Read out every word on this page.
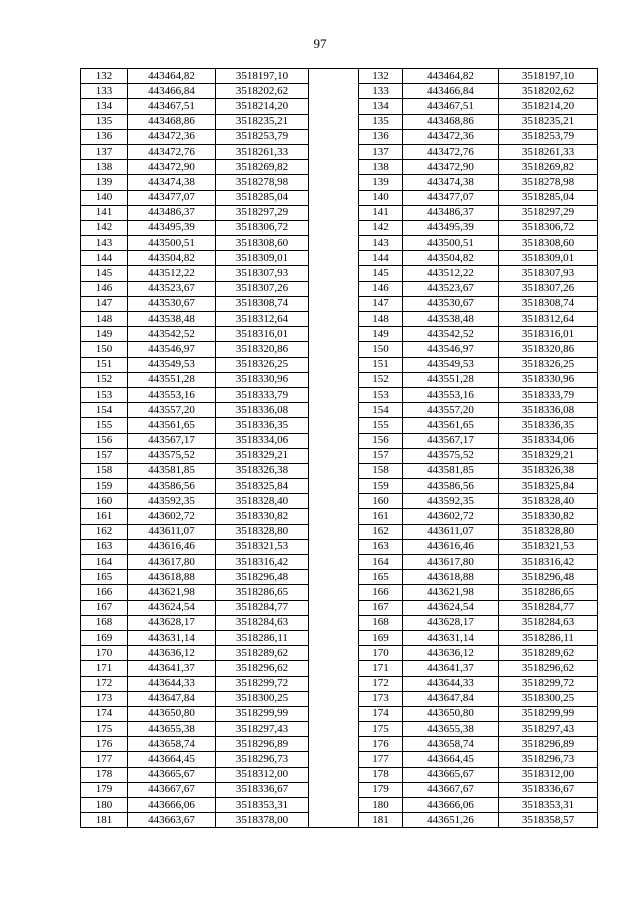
97
132	443464,82	3518197,10		132	443464,82	3518197,10
133	443466,84	3518202,62		133	443466,84	3518202,62
134	443467,51	3518214,20		134	443467,51	3518214,20
135	443468,86	3518235,21		135	443468,86	3518235,21
136	443472,36	3518253,79		136	443472,36	3518253,79
137	443472,76	3518261,33		137	443472,76	3518261,33
138	443472,90	3518269,82		138	443472,90	3518269,82
139	443474,38	3518278,98		139	443474,38	3518278,98
140	443477,07	3518285,04		140	443477,07	3518285,04
141	443486,37	3518297,29		141	443486,37	3518297,29
142	443495,39	3518306,72		142	443495,39	3518306,72
143	443500,51	3518308,60		143	443500,51	3518308,60
144	443504,82	3518309,01		144	443504,82	3518309,01
145	443512,22	3518307,93		145	443512,22	3518307,93
146	443523,67	3518307,26		146	443523,67	3518307,26
147	443530,67	3518308,74		147	443530,67	3518308,74
148	443538,48	3518312,64		148	443538,48	3518312,64
149	443542,52	3518316,01		149	443542,52	3518316,01
150	443546,97	3518320,86		150	443546,97	3518320,86
151	443549,53	3518326,25		151	443549,53	3518326,25
152	443551,28	3518330,96		152	443551,28	3518330,96
153	443553,16	3518333,79		153	443553,16	3518333,79
154	443557,20	3518336,08		154	443557,20	3518336,08
155	443561,65	3518336,35		155	443561,65	3518336,35
156	443567,17	3518334,06		156	443567,17	3518334,06
157	443575,52	3518329,21		157	443575,52	3518329,21
158	443581,85	3518326,38		158	443581,85	3518326,38
159	443586,56	3518325,84		159	443586,56	3518325,84
160	443592,35	3518328,40		160	443592,35	3518328,40
161	443602,72	3518330,82		161	443602,72	3518330,82
162	443611,07	3518328,80		162	443611,07	3518328,80
163	443616,46	3518321,53		163	443616,46	3518321,53
164	443617,80	3518316,42		164	443617,80	3518316,42
165	443618,88	3518296,48		165	443618,88	3518296,48
166	443621,98	3518286,65		166	443621,98	3518286,65
167	443624,54	3518284,77		167	443624,54	3518284,77
168	443628,17	3518284,63		168	443628,17	3518284,63
169	443631,14	3518286,11		169	443631,14	3518286,11
170	443636,12	3518289,62		170	443636,12	3518289,62
171	443641,37	3518296,62		171	443641,37	3518296,62
172	443644,33	3518299,72		172	443644,33	3518299,72
173	443647,84	3518300,25		173	443647,84	3518300,25
174	443650,80	3518299,99		174	443650,80	3518299,99
175	443655,38	3518297,43		175	443655,38	3518297,43
176	443658,74	3518296,89		176	443658,74	3518296,89
177	443664,45	3518296,73		177	443664,45	3518296,73
178	443665,67	3518312,00		178	443665,67	3518312,00
179	443667,67	3518336,67		179	443667,67	3518336,67
180	443666,06	3518353,31		180	443666,06	3518353,31
181	443663,67	3518378,00		181	443651,26	3518358,57
